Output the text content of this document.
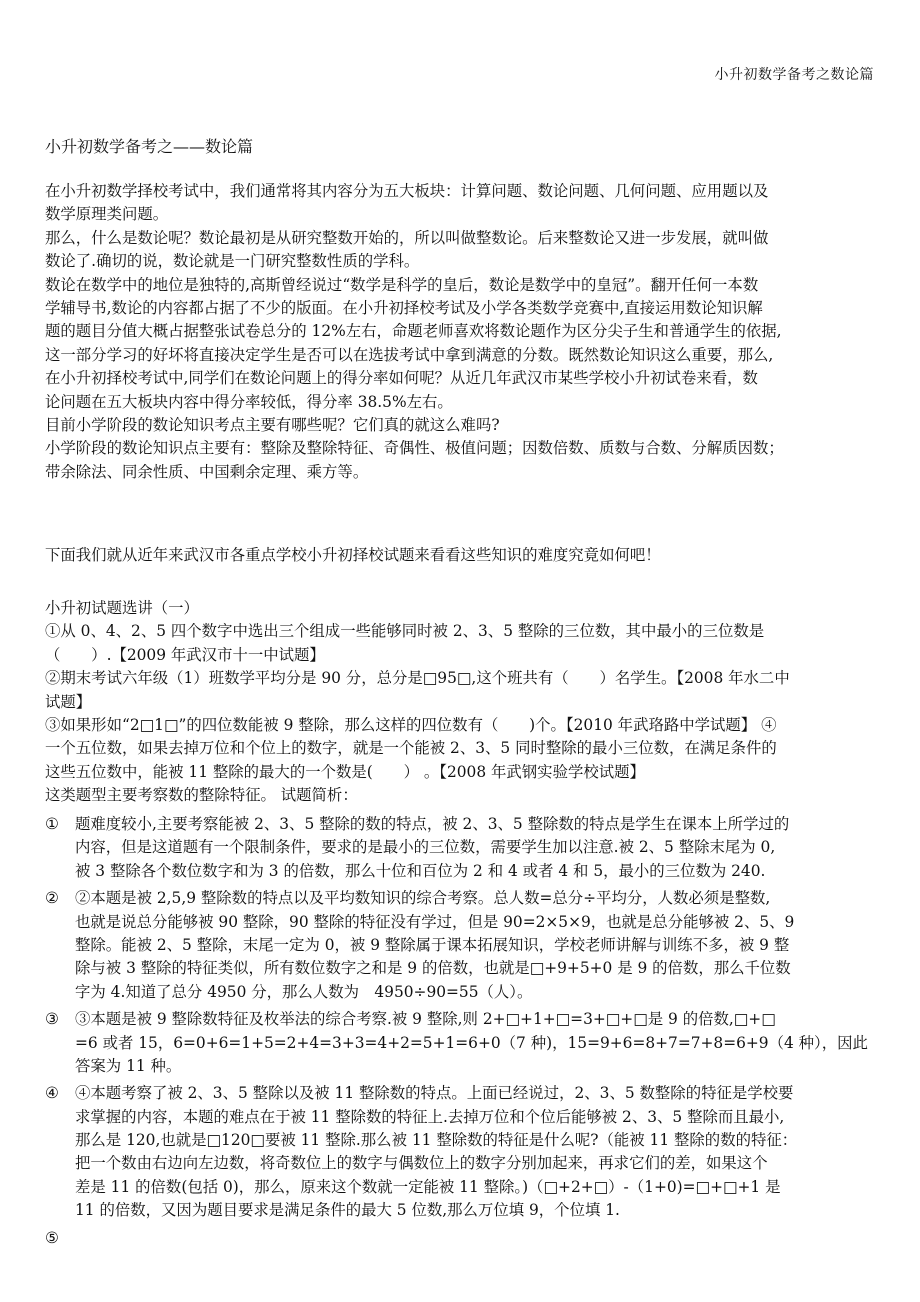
小升初数学备考之数论篇
小升初数学备考之——数论篇
在小升初数学择校考试中，我们通常将其内容分为五大板块：计算问题、数论问题、几何问题、应用题以及
数学原理类问题。
那么，什么是数论呢？数论最初是从研究整数开始的，所以叫做整数论。后来整数论又进一步发展，就叫做
数论了.确切的说，数论就是一门研究整数性质的学科。
数论在数学中的地位是独特的,高斯曾经说过“数学是科学的皇后，数论是数学中的皇冠”。翻开任何一本数
学辅导书,数论的内容都占据了不少的版面。在小升初择校考试及小学各类数学竞赛中,直接运用数论知识解
题的题目分值大概占据整张试卷总分的 12%左右，命题老师喜欢将数论题作为区分尖子生和普通学生的依据,
这一部分学习的好坏将直接决定学生是否可以在选拔考试中拿到满意的分数。既然数论知识这么重要，那么,
在小升初择校考试中,同学们在数论问题上的得分率如何呢？从近几年武汉市某些学校小升初试卷来看，数
论问题在五大板块内容中得分率较低，得分率 38.5%左右。
目前小学阶段的数论知识考点主要有哪些呢？它们真的就这么难吗?
小学阶段的数论知识点主要有：整除及整除特征、奇偶性、极值问题；因数倍数、质数与合数、分解质因数；
带余除法、同余性质、中国剩余定理、乘方等。
下面我们就从近年来武汉市各重点学校小升初择校试题来看看这些知识的难度究竟如何吧！
小升初试题选讲（一）
①从 0、4、2、5 四个数字中选出三个组成一些能够同时被 2、3、5 整除的三位数，其中最小的三位数是
（　　）.【2009 年武汉市十一中试题】
②期末考试六年级（1）班数学平均分是 90 分，总分是□95□,这个班共有（　　）名学生。【2008 年水二中
试题】
③如果形如“2□1□”的四位数能被 9 整除，那么这样的四位数有（　　)个。【2010 年武珞路中学试题】 ④
一个五位数，如果去掉万位和个位上的数字，就是一个能被 2、3、5 同时整除的最小三位数，在满足条件的
这些五位数中，能被 11 整除的最大的一个数是(　　） 。【2008 年武钢实验学校试题】
这类题型主要考察数的整除特征。 试题简析：
① 题难度较小,主要考察能被 2、3、5 整除的数的特点，被 2、3、5 整除数的特点是学生在课本上所学过的
内容，但是这道题有一个限制条件，要求的是最小的三位数，需要学生加以注意.被 2、5 整除末尾为 0,
被 3 整除各个数位数字和为 3 的倍数，那么十位和百位为 2 和 4 或者 4 和 5，最小的三位数为 240.
② ②本题是被 2,5,9 整除数的特点以及平均数知识的综合考察。总人数=总分÷平均分，人数必须是整数,
也就是说总分能够被 90 整除，90 整除的特征没有学过，但是 90=2×5×9，也就是总分能够被 2、5、9
整除。能被 2、5 整除，末尾一定为 0，被 9 整除属于课本拓展知识，学校老师讲解与训练不多，被 9 整
除与被 3 整除的特征类似，所有数位数字之和是 9 的倍数，也就是□+9+5+0 是 9 的倍数，那么千位数
字为 4.知道了总分 4950 分，那么人数为　4950÷90=55（人）。
③ ③本题是被 9 整除数特征及枚举法的综合考察.被 9 整除,则 2+□+1+□=3+□+□是 9 的倍数,□+□
=6 或者 15，6=0+6=1+5=2+4=3+3=4+2=5+1=6+0（7 种)，15=9+6=8+7=7+8=6+9（4 种），因此
答案为 11 种。
④ ④本题考察了被 2、3、5 整除以及被 11 整除数的特点。上面已经说过，2、3、5 数整除的特征是学校要
求掌握的内容，本题的难点在于被 11 整除数的特征上.去掉万位和个位后能够被 2、3、5 整除而且最小,
那么是 120,也就是□120□要被 11 整除.那么被 11 整除数的特征是什么呢?（能被 11 整除的数的特征：
把一个数由右边向左边数，将奇数位上的数字与偶数位上的数字分别加起来，再求它们的差，如果这个
差是 11 的倍数(包括 0)，那么，原来这个数就一定能被 11 整除。)（□+2+□）-（1+0)=□+□+1 是
11 的倍数，又因为题目要求是满足条件的最大 5 位数,那么万位填 9，个位填 1.
⑤
